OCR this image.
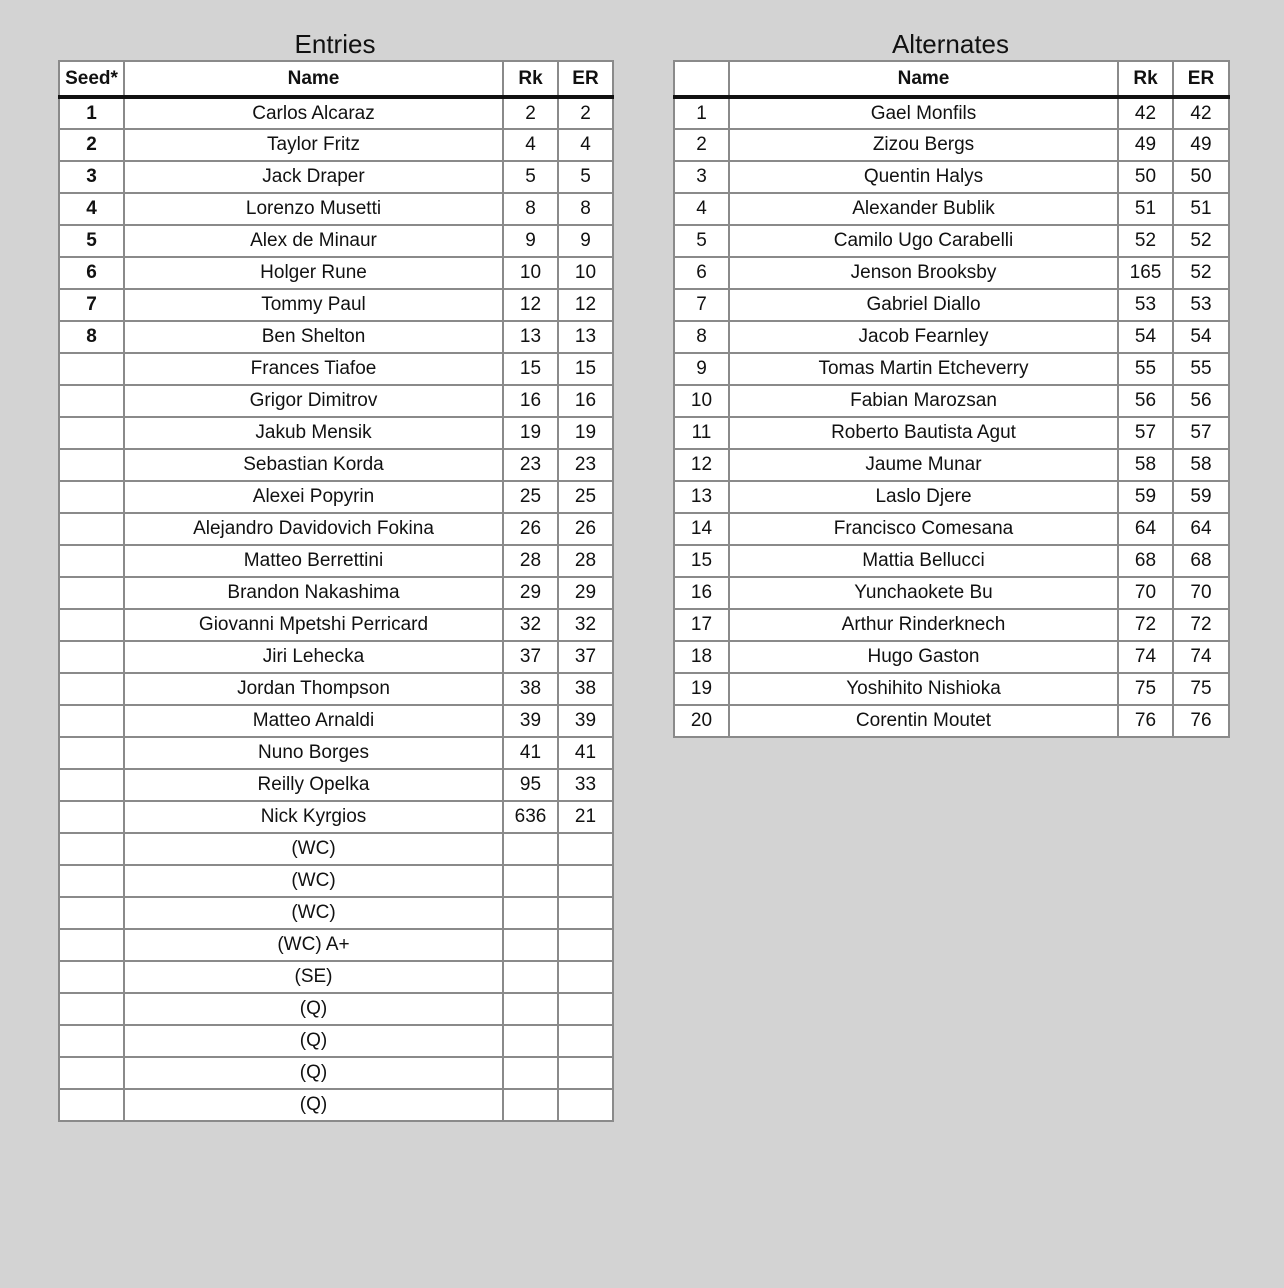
Entries
Seed*	Name	Rk	ER
1	Carlos Alcaraz	2	2
2	Taylor Fritz	4	4
3	Jack Draper	5	5
4	Lorenzo Musetti	8	8
5	Alex de Minaur	9	9
6	Holger Rune	10	10
7	Tommy Paul	12	12
8	Ben Shelton	13	13
	Frances Tiafoe	15	15
	Grigor Dimitrov	16	16
	Jakub Mensik	19	19
	Sebastian Korda	23	23
	Alexei Popyrin	25	25
	Alejandro Davidovich Fokina	26	26
	Matteo Berrettini	28	28
	Brandon Nakashima	29	29
	Giovanni Mpetshi Perricard	32	32
	Jiri Lehecka	37	37
	Jordan Thompson	38	38
	Matteo Arnaldi	39	39
	Nuno Borges	41	41
	Reilly Opelka	95	33
	Nick Kyrgios	636	21
	(WC)		
	(WC)		
	(WC)		
	(WC) A+		
	(SE)		
	(Q)		
	(Q)		
	(Q)		
	(Q)		
Alternates
	Name	Rk	ER
1	Gael Monfils	42	42
2	Zizou Bergs	49	49
3	Quentin Halys	50	50
4	Alexander Bublik	51	51
5	Camilo Ugo Carabelli	52	52
6	Jenson Brooksby	165	52
7	Gabriel Diallo	53	53
8	Jacob Fearnley	54	54
9	Tomas Martin Etcheverry	55	55
10	Fabian Marozsan	56	56
11	Roberto Bautista Agut	57	57
12	Jaume Munar	58	58
13	Laslo Djere	59	59
14	Francisco Comesana	64	64
15	Mattia Bellucci	68	68
16	Yunchaokete Bu	70	70
17	Arthur Rinderknech	72	72
18	Hugo Gaston	74	74
19	Yoshihito Nishioka	75	75
20	Corentin Moutet	76	76
